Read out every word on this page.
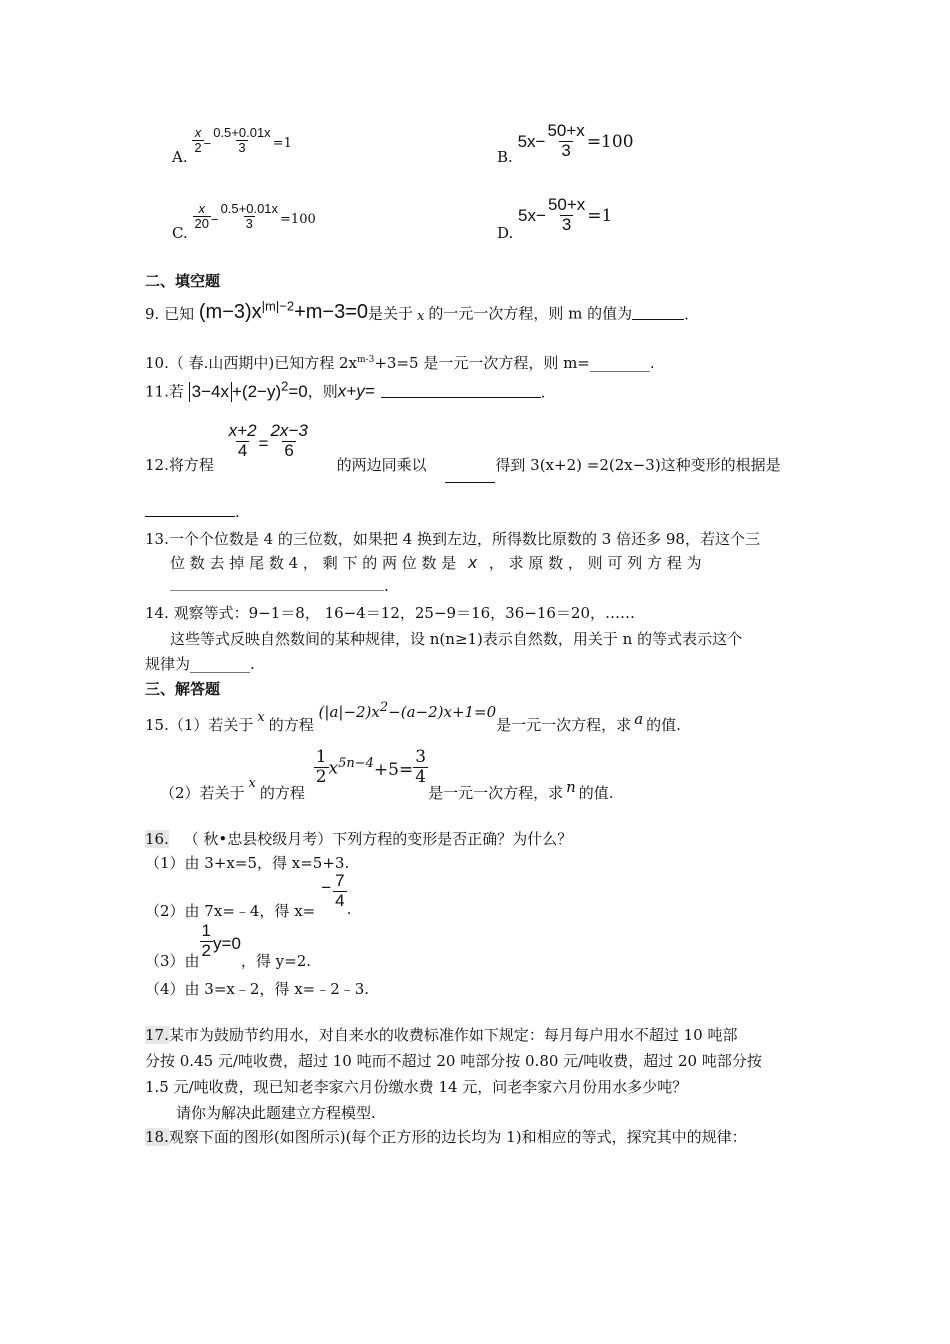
A.
$\frac{x}{2} - \frac{0.5+0.01x}{3} =1$
B. $5x- \frac{50+x}{3} =100$
C.
$\frac{x}{20} - \frac{0.5+0.01x}{3} =100$
D. $5x- \frac{50+x}{3} =1$
二、填空题
9. 已知 $(m-3)x^{|m|-2}+m-3=0$是关于 x 的一元一次方程，则 m 的值为	.
10.（ 春.山西期中)已知方程 $2x^{m-3}+3=5$ 是一元一次方程，则 m=________.
11.若 $3-4x +(2-y)^2=0$，则x+y=	.
12.将方程
$\frac{x+2}{4} = \frac{2x-3}{6}$
的两边同乘以	得到 3(x+2) =2(2x−3)这种变形的根据是
.
13.一个个位数是 4 的三位数，如果把 4 换到左边，所得数比原数的 3 倍还多 98，若这个三
位 数 去 掉 尾 数 4 ， 剩 下 的 两 位 数 是 x ， 求 原 数 ， 则 可 列 方 程 为
.
14. 观察等式：9−1＝8， 16−4＝12，25−9＝16，36−16＝20，……
这些等式反映自然数间的某种规律，设 n(n≥1)表示自然数，用关于 n 的等式表示这个
规律为________.
三、解答题
15.（1）若关于 x 的方程 $(|a|-2)x^2-(a-2)x+1=0$是一元一次方程，求 a 的值.
（2）若关于x的方程
$\frac{1}{2} x^{5n-4}+5= \frac{3}{4}$
是一元一次方程，求 n 的值.
16. （ 秋•忠县校级月考）下列方程的变形是否正确？为什么？
（1）由 3+x=5，得 x=5+3.
（2）由 7x=﹣4，得 $x=- \frac{7}{4}$ .
（3）由
$\frac{1}{2} y=0$，得 y=2.
（4）由 3=x﹣2，得 x=﹣2﹣3.
17.某市为鼓励节约用水，对自来水的收费标准作如下规定：每月每户用水不超过 10 吨部
分按 0.45 元/吨收费，超过 10 吨而不超过 20 吨部分按 0.80 元/吨收费，超过 20 吨部分按
1.5 元/吨收费，现已知老李家六月份缴水费 14 元，问老李家六月份用水多少吨？
请你为解决此题建立方程模型.
18.观察下面的图形(如图所示)(每个正方形的边长均为 1)和相应的等式，探究其中的规律：
